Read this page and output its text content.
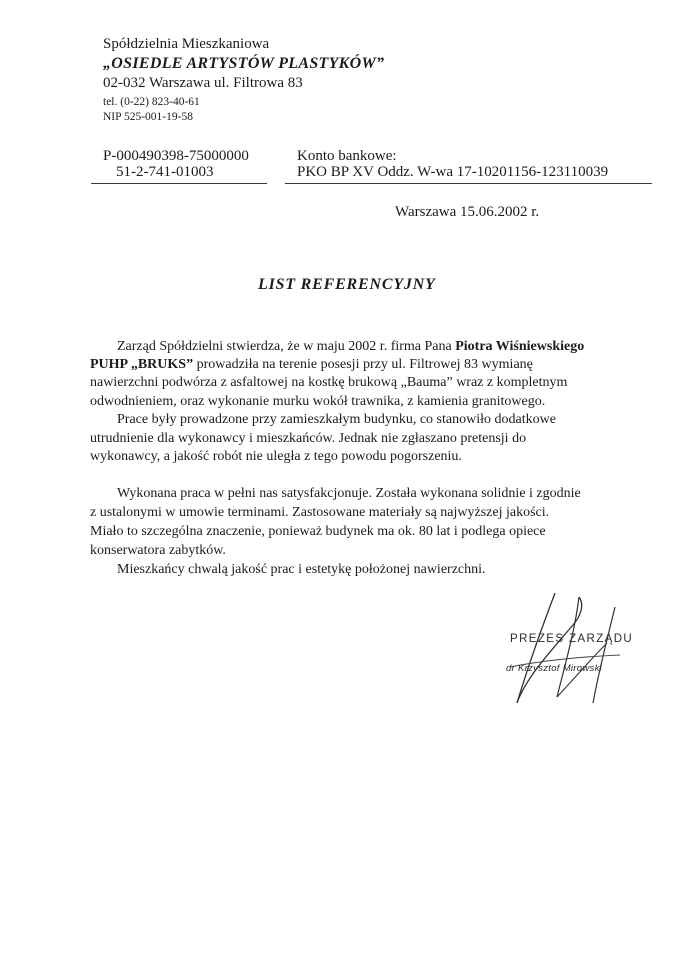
Spółdzielnia Mieszkaniowa
„OSIEDLE ARTYSTÓW PLASTYKÓW”
02-032 Warszawa ul. Filtrowa 83
tel. (0-22) 823-40-61
NIP 525-001-19-58
P-000490398-75000000
51-2-741-01003
Konto bankowe:
PKO BP XV Oddz. W-wa 17-10201156-123110039
Warszawa 15.06.2002 r.
LIST REFERENCYJNY
Zarząd Spółdzielni stwierdza, że w maju 2002 r. firma Pana Piotra Wiśniewskiego
PUHP „BRUKS” prowadziła na terenie posesji przy ul. Filtrowej 83 wymianę
nawierzchni podwórza z asfaltowej na kostkę brukową „Bauma” wraz z kompletnym
odwodnieniem, oraz wykonanie murku wokół trawnika, z kamienia granitowego.
Prace były prowadzone przy zamieszkałym budynku, co stanowiło dodatkowe
utrudnienie dla wykonawcy i mieszkańców. Jednak nie zgłaszano pretensji do
wykonawcy, a jakość robót nie uległa z tego powodu pogorszeniu.
Wykonana praca w pełni nas satysfakcjonuje. Została wykonana solidnie i zgodnie
z ustalonymi w umowie terminami. Zastosowane materiały są najwyższej jakości.
Miało to szczególna znaczenie, ponieważ budynek ma ok. 80 lat i podlega opiece
konserwatora zabytków.
Mieszkańcy chwalą jakość prac i estetykę położonej nawierzchni.
PREZES ZARZĄDU
dr Krzysztof Mirowski
